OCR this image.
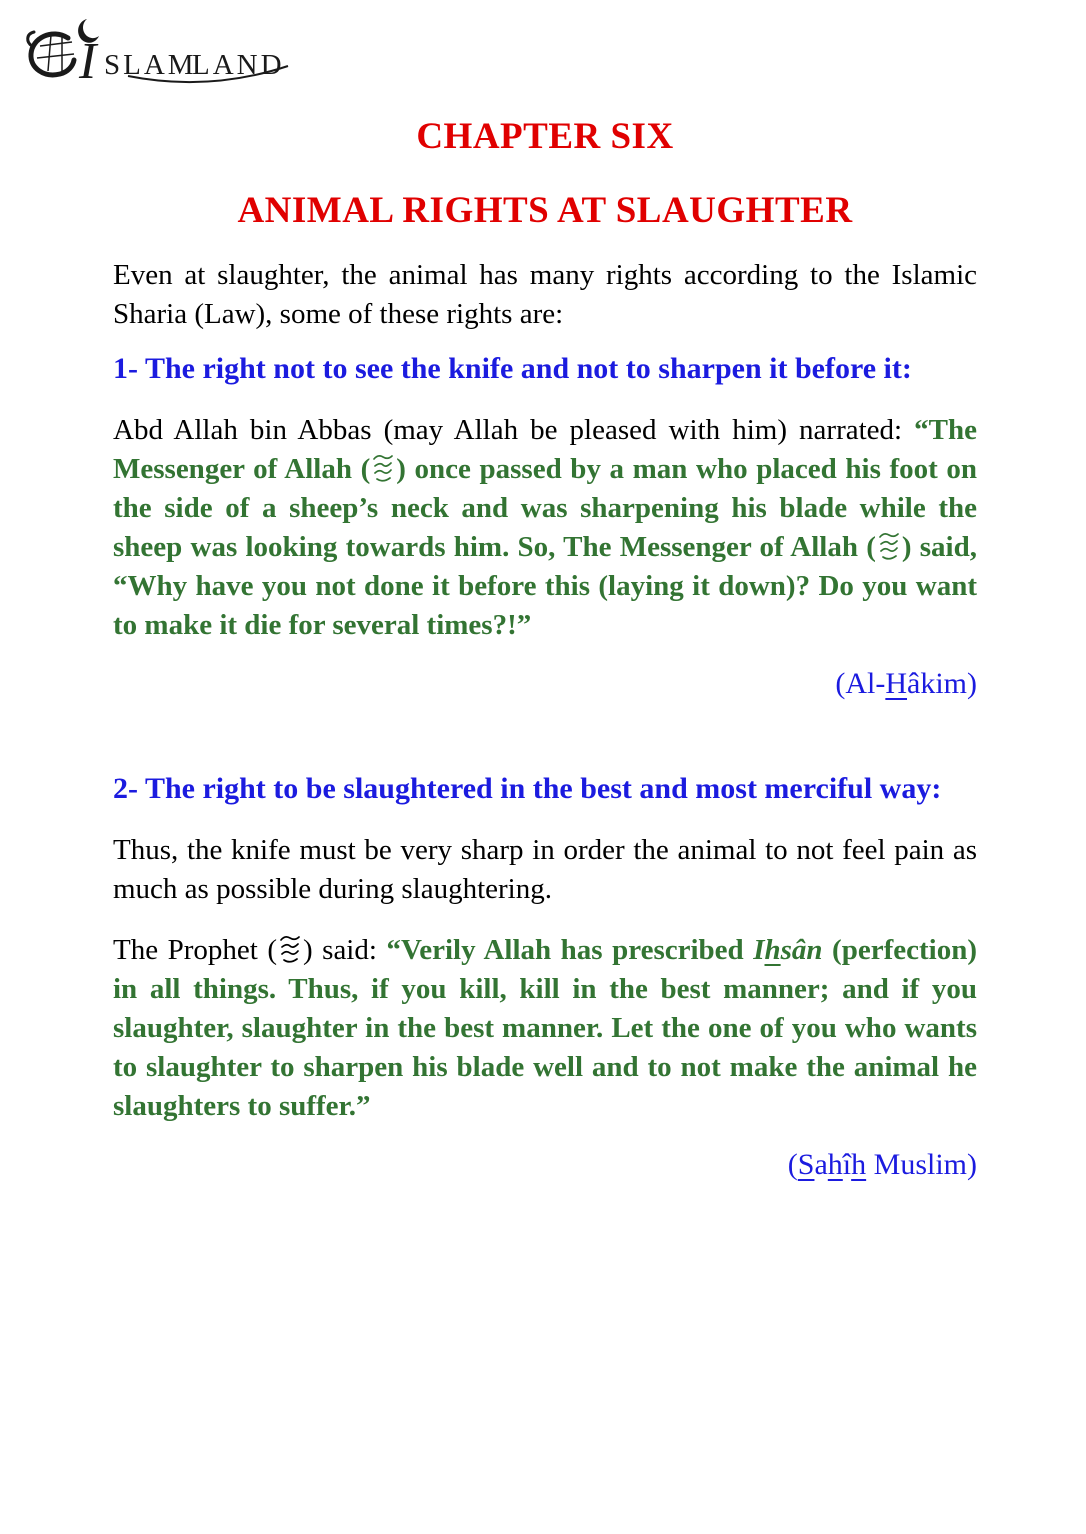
I SLAM
LAND
CHAPTER SIX
ANIMAL RIGHTS AT SLAUGHTER

Even at slaughter, the animal has many rights according to the Islamic Sharia (Law), some of these rights are:

1- The right not to see the knife and not to sharpen it before it:

Abd Allah bin Abbas (may Allah be pleased with him) narrated: “The Messenger of Allah ( ) once passed by a man who placed his foot on the side of a sheep’s neck and was sharpening his blade while the sheep was looking towards him. So, The Messenger of Allah ( ) said, “Why have you not done it before this (laying it down)? Do you want to make it die for several times?!”

(Al-Hâkim)

2- The right to be slaughtered in the best and most merciful way:

Thus, the knife must be very sharp in order the animal to not feel pain as much as possible during slaughtering.

The Prophet ( ) said: “Verily Allah has prescribed Ihsân (perfection) in all things. Thus, if you kill, kill in the best manner; and if you slaughter, slaughter in the best manner. Let the one of you who wants to slaughter to sharpen his blade well and to not make the animal he slaughters to suffer.”

(Sahîh Muslim)
